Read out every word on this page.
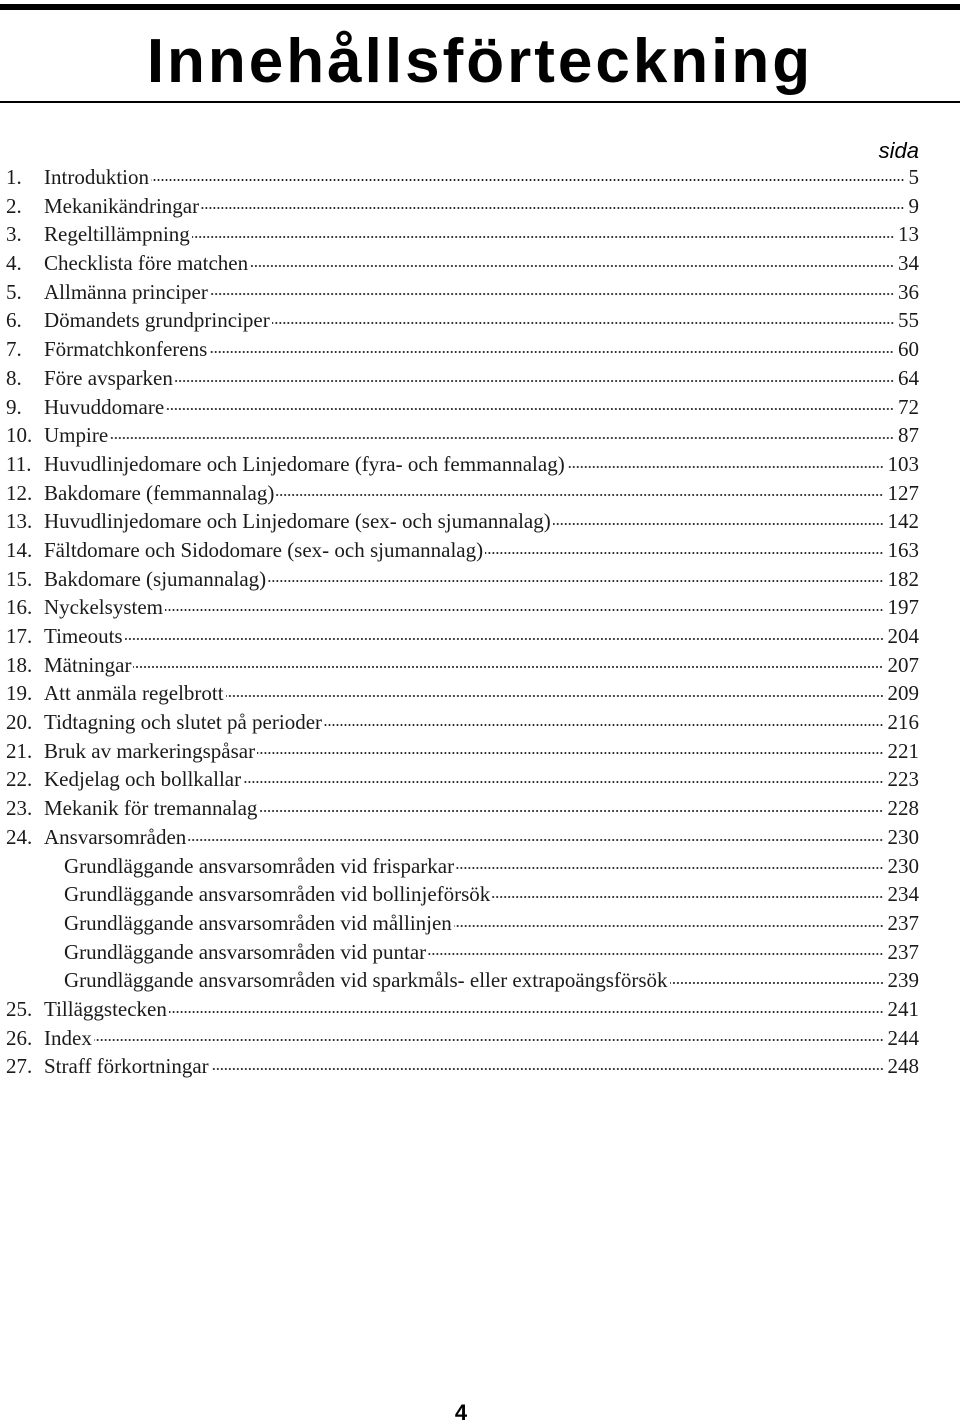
Innehållsförteckning
sida
1.	Introduktion	5
2.	Mekanikändringar	9
3.	Regeltillämpning	13
4.	Checklista före matchen	34
5.	Allmänna principer	36
6.	Dömandets grundprinciper	55
7.	Förmatchkonferens	60
8.	Före avsparken	64
9.	Huvuddomare	72
10. Umpire	87
11. Huvudlinjedomare och Linjedomare (fyra- och femmannalag)	103
12. Bakdomare (femmannalag)	127
13. Huvudlinjedomare och Linjedomare (sex- och sjumannalag)	142
14. Fältdomare och Sidodomare (sex- och sjumannalag)	163
15. Bakdomare (sjumannalag)	182
16. Nyckelsystem	197
17. Timeouts	204
18. Mätningar	207
19. Att anmäla regelbrott	209
20. Tidtagning och slutet på perioder	216
21. Bruk av markeringspåsar	221
22. Kedjelag och bollkallar	223
23. Mekanik för tremannalag	228
24. Ansvarsområden	230
Grundläggande ansvarsområden vid frisparkar	230
Grundläggande ansvarsområden vid bollinjeförsök	234
Grundläggande ansvarsområden vid mållinjen	237
Grundläggande ansvarsområden vid puntar	237
Grundläggande ansvarsområden vid sparkmåls- eller extrapoängsförsök	239
25. Tilläggstecken	241
26. Index	244
27. Straff förkortningar	248
4
